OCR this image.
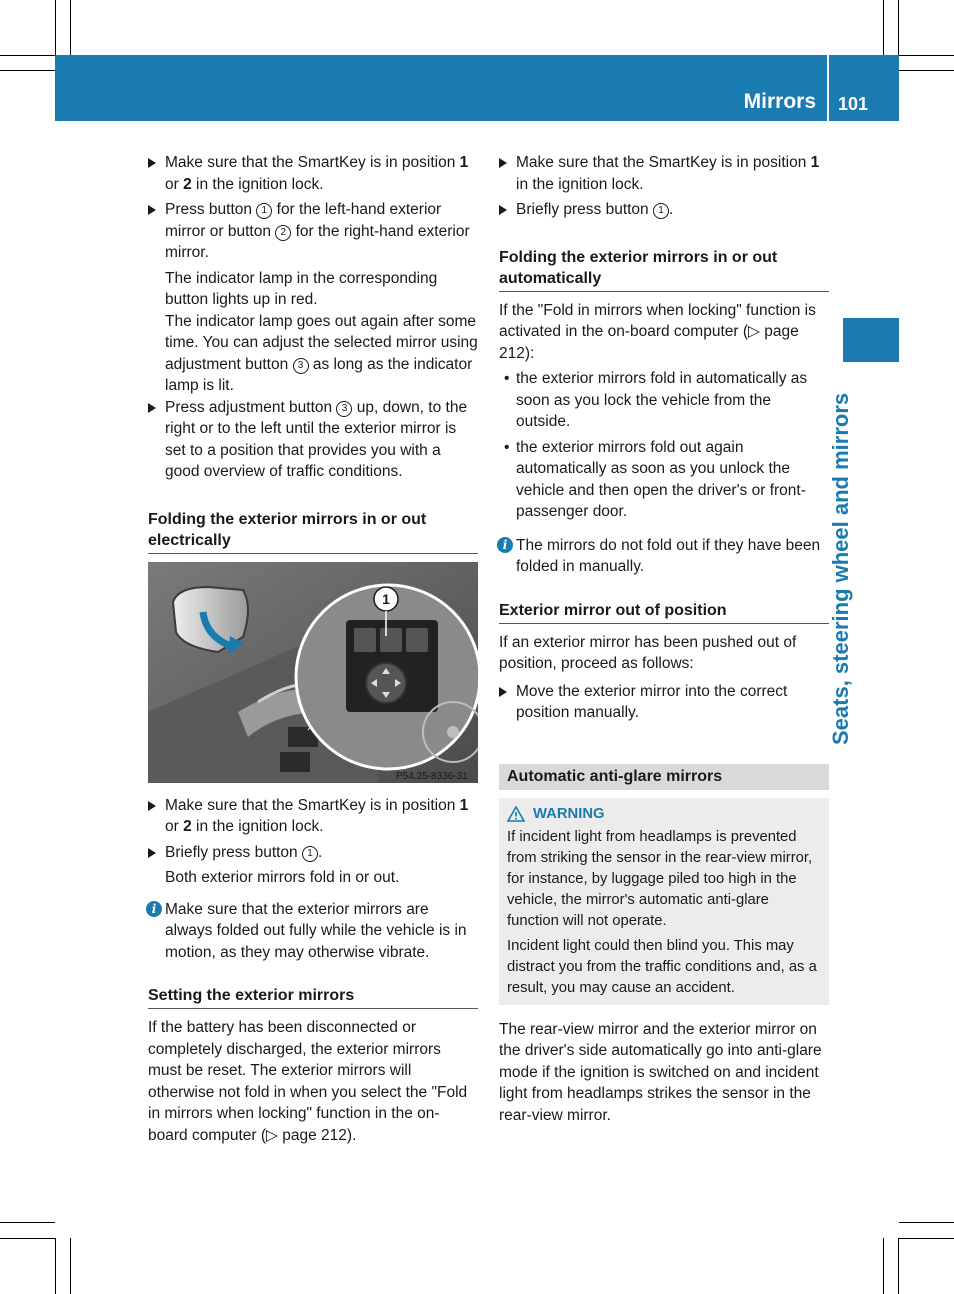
Mirrors 101
Seats, steering wheel and mirrors
Make sure that the SmartKey is in position 1 or 2 in the ignition lock.
Press button 1 for the left-hand exterior mirror or button 2 for the right-hand exterior mirror.

The indicator lamp in the corresponding button lights up in red.

The indicator lamp goes out again after some time. You can adjust the selected mirror using adjustment button 3 as long as the indicator lamp is lit.

Press adjustment button 3 up, down, to the right or to the left until the exterior mirror is set to a position that provides you with a good overview of traffic conditions.
Folding the exterior mirrors in or out electrically
1
P54.25-8336-31
Make sure that the SmartKey is in position 1 or 2 in the ignition lock.
Briefly press button 1 .

Both exterior mirrors fold in or out.

i Make sure that the exterior mirrors are always folded out fully while the vehicle is in motion, as they may otherwise vibrate.
Setting the exterior mirrors

If the battery has been disconnected or completely discharged, the exterior mirrors must be reset. The exterior mirrors will otherwise not fold in when you select the "Fold in mirrors when locking" function in the on-board computer (▷ page 212).

Make sure that the SmartKey is in position 1 in the ignition lock.
Briefly press button 1 .
Folding the exterior mirrors in or out automatically

If the "Fold in mirrors when locking" function is activated in the on-board computer (▷ page 212):

• the exterior mirrors fold in automatically as soon as you lock the vehicle from the outside.
• the exterior mirrors fold out again automatically as soon as you unlock the vehicle and then open the driver's or front-passenger door.
i The mirrors do not fold out if they have been folded in manually.
Exterior mirror out of position

If an exterior mirror has been pushed out of position, proceed as follows:

Move the exterior mirror into the correct position manually.
Automatic anti-glare mirrors
WARNING

If incident light from headlamps is prevented from striking the sensor in the rear-view mirror, for instance, by luggage piled too high in the vehicle, the mirror's automatic anti-glare function will not operate.

Incident light could then blind you. This may distract you from the traffic conditions and, as a result, you may cause an accident.

The rear-view mirror and the exterior mirror on the driver's side automatically go into anti-glare mode if the ignition is switched on and incident light from headlamps strikes the sensor in the rear-view mirror.
